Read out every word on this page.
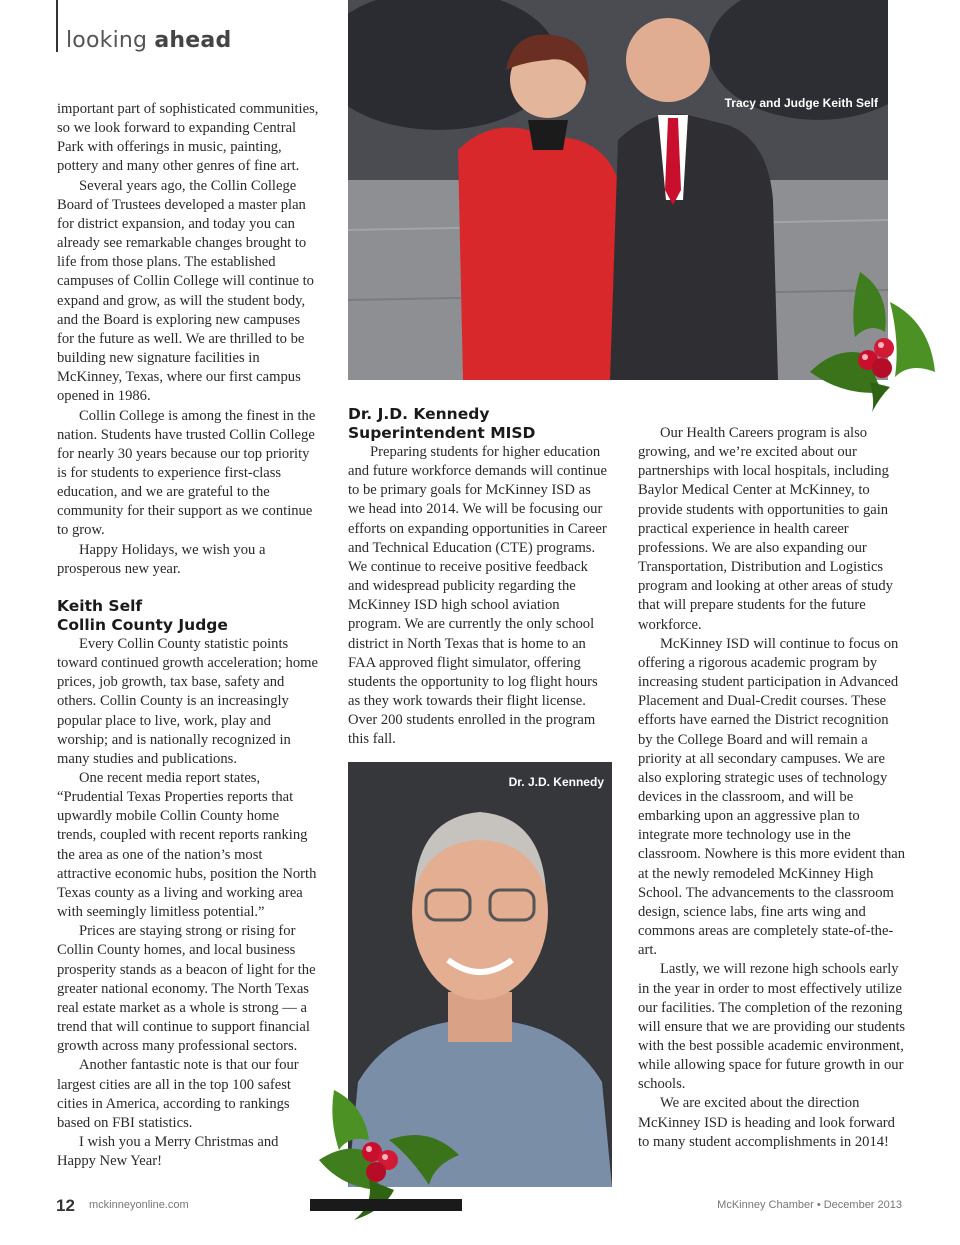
looking ahead

important part of sophisticated communities, so we look forward to expanding Central Park with offerings in music, painting, pottery and many other genres of fine art.

Several years ago, the Collin College Board of Trustees developed a master plan for district expansion, and today you can already see remarkable changes brought to life from those plans. The established campuses of Collin College will continue to expand and grow, as will the student body, and the Board is exploring new campuses for the future as well. We are thrilled to be building new signature facilities in McKinney, Texas, where our first campus opened in 1986.

Collin College is among the finest in the nation. Students have trusted Collin College for nearly 30 years because our top priority is for students to experience first-class education, and we are grateful to the community for their support as we continue to grow.

Happy Holidays, we wish you a prosperous new year.

Keith Self
Collin County Judge

Every Collin County statistic points toward continued growth acceleration; home prices, job growth, tax base, safety and others. Collin County is an increasingly popular place to live, work, play and worship; and is nationally recognized in many studies and publications.

One recent media report states, “Prudential Texas Properties reports that upwardly mobile Collin County home trends, coupled with recent reports ranking the area as one of the nation’s most attractive economic hubs, position the North Texas county as a living and working area with seemingly limitless potential.”

Prices are staying strong or rising for Collin County homes, and local business prosperity stands as a beacon of light for the greater national economy. The North Texas real estate market as a whole is strong — a trend that will continue to support financial growth across many professional sectors.

Another fantastic note is that our four largest cities are all in the top 100 safest cities in America, according to rankings based on FBI statistics.

I wish you a Merry Christmas and Happy New Year!

Tracy and Judge Keith Self
Dr. J.D. Kennedy
Superintendent MISD

Preparing students for higher education and future workforce demands will continue to be primary goals for McKinney ISD as we head into 2014. We will be focusing our efforts on expanding opportunities in Career and Technical Education (CTE) programs. We continue to receive positive feedback and widespread publicity regarding the McKinney ISD high school aviation program. We are currently the only school district in North Texas that is home to an FAA approved flight simulator, offering students the opportunity to log flight hours as they work towards their flight license. Over 200 students enrolled in the program this fall.

Dr. J.D. Kennedy

Our Health Careers program is also growing, and we’re excited about our partnerships with local hospitals, including Baylor Medical Center at McKinney, to provide students with opportunities to gain practical experience in health career professions. We are also expanding our Transportation, Distribution and Logistics program and looking at other areas of study that will prepare students for the future workforce.

McKinney ISD will continue to focus on offering a rigorous academic program by increasing student participation in Advanced Placement and Dual-Credit courses. These efforts have earned the District recognition by the College Board and will remain a priority at all secondary campuses. We are also exploring strategic uses of technology devices in the classroom, and will be embarking upon an aggressive plan to integrate more technology use in the classroom. Nowhere is this more evident than at the newly remodeled McKinney High School. The advancements to the classroom design, science labs, fine arts wing and commons areas are completely state-of-the-art.

Lastly, we will rezone high schools early in the year in order to most effectively utilize our facilities. The completion of the rezoning will ensure that we are providing our students with the best possible academic environment, while allowing space for future growth in our schools.

We are excited about the direction McKinney ISD is heading and look forward to many student accomplishments in 2014!

12 mckinneyonline.com	McKinney Chamber • December 2013
